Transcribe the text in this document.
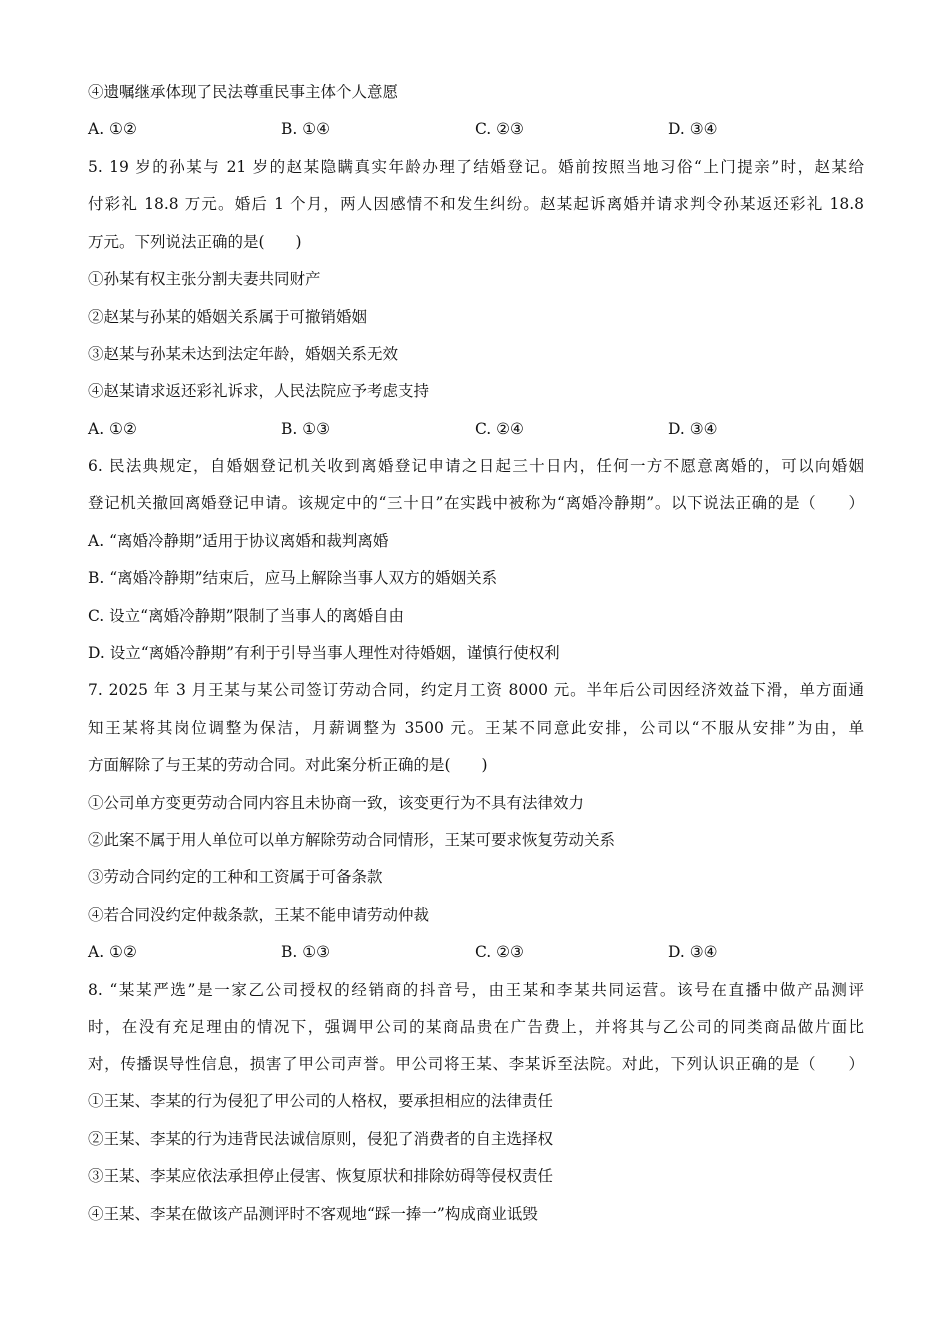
④遗嘱继承体现了民法尊重民事主体个人意愿
A. ①②	B. ①④	C. ②③	D. ③④
5. 19 岁的孙某与 21 岁的赵某隐瞒真实年龄办理了结婚登记。婚前按照当地习俗“上门提亲”时，赵某给
付彩礼 18.8 万元。婚后 1 个月，两人因感情不和发生纠纷。赵某起诉离婚并请求判令孙某返还彩礼 18.8
万元。下列说法正确的是(　　)
①孙某有权主张分割夫妻共同财产
②赵某与孙某的婚姻关系属于可撤销婚姻
③赵某与孙某未达到法定年龄，婚姻关系无效
④赵某请求返还彩礼诉求，人民法院应予考虑支持
A. ①②	B. ①③	C. ②④	D. ③④
6. 民法典规定，自婚姻登记机关收到离婚登记申请之日起三十日内，任何一方不愿意离婚的，可以向婚姻
登记机关撤回离婚登记申请。该规定中的“三十日”在实践中被称为“离婚冷静期”。以下说法正确的是（　　）
A. “离婚冷静期”适用于协议离婚和裁判离婚
B. “离婚冷静期”结束后，应马上解除当事人双方的婚姻关系
C. 设立“离婚冷静期”限制了当事人的离婚自由
D. 设立“离婚冷静期”有利于引导当事人理性对待婚姻，谨慎行使权利
7. 2025 年 3 月王某与某公司签订劳动合同，约定月工资 8000 元。半年后公司因经济效益下滑，单方面通
知王某将其岗位调整为保洁，月薪调整为 3500 元。王某不同意此安排，公司以“不服从安排”为由，单
方面解除了与王某的劳动合同。对此案分析正确的是(　　)
①公司单方变更劳动合同内容且未协商一致，该变更行为不具有法律效力
②此案不属于用人单位可以单方解除劳动合同情形，王某可要求恢复劳动关系
③劳动合同约定的工种和工资属于可备条款
④若合同没约定仲裁条款，王某不能申请劳动仲裁
A. ①②	B. ①③	C. ②③	D. ③④
8. “某某严选”是一家乙公司授权的经销商的抖音号，由王某和李某共同运营。该号在直播中做产品测评
时，在没有充足理由的情况下，强调甲公司的某商品贵在广告费上，并将其与乙公司的同类商品做片面比
对，传播误导性信息，损害了甲公司声誉。甲公司将王某、李某诉至法院。对此，下列认识正确的是（　　）
①王某、李某的行为侵犯了甲公司的人格权，要承担相应的法律责任
②王某、李某的行为违背民法诚信原则，侵犯了消费者的自主选择权
③王某、李某应依法承担停止侵害、恢复原状和排除妨碍等侵权责任
④王某、李某在做该产品测评时不客观地“踩一捧一”构成商业诋毁
